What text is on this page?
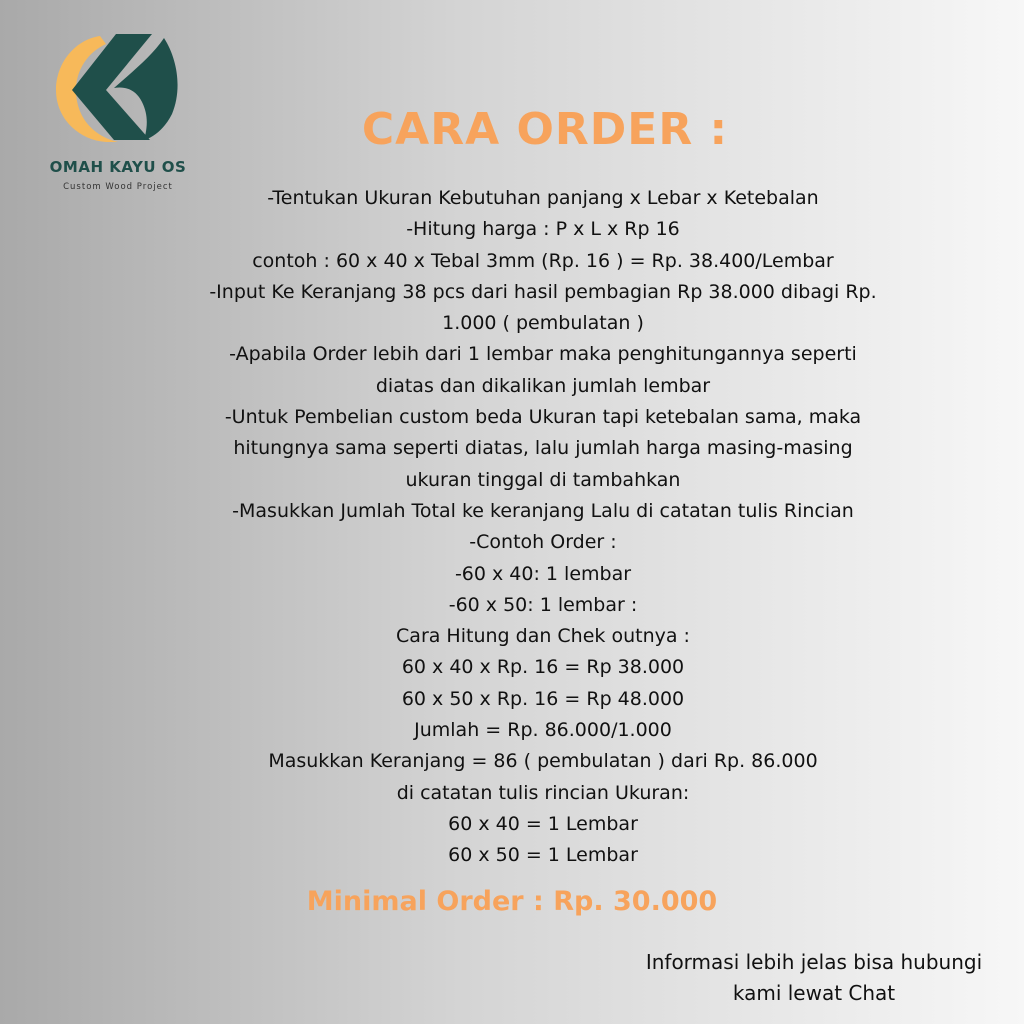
OMAH KAYU OS
Custom Wood Project
CARA ORDER :
-Tentukan Ukuran Kebutuhan panjang x Lebar x Ketebalan
-Hitung harga : P x L x Rp 16
contoh : 60 x 40 x Tebal 3mm (Rp. 16 ) = Rp. 38.400/Lembar
-Input Ke Keranjang 38 pcs dari hasil pembagian Rp 38.000 dibagi Rp.
1.000 ( pembulatan )
-Apabila Order lebih dari 1 lembar maka penghitungannya seperti
diatas dan dikalikan jumlah lembar
-Untuk Pembelian custom beda Ukuran tapi ketebalan sama, maka
hitungnya sama seperti diatas, lalu jumlah harga masing-masing
ukuran tinggal di tambahkan
-Masukkan Jumlah Total ke keranjang Lalu di catatan tulis Rincian
-Contoh Order :
-60 x 40: 1 lembar
-60 x 50: 1 lembar :
Cara Hitung dan Chek outnya :
60 x 40 x Rp. 16 = Rp 38.000
60 x 50 x Rp. 16 = Rp 48.000
Jumlah = Rp. 86.000/1.000
Masukkan Keranjang = 86 ( pembulatan ) dari Rp. 86.000
di catatan tulis rincian Ukuran:
60 x 40 = 1 Lembar
60 x 50 = 1 Lembar
Minimal Order : Rp. 30.000
Informasi lebih jelas bisa hubungi
kami lewat Chat
